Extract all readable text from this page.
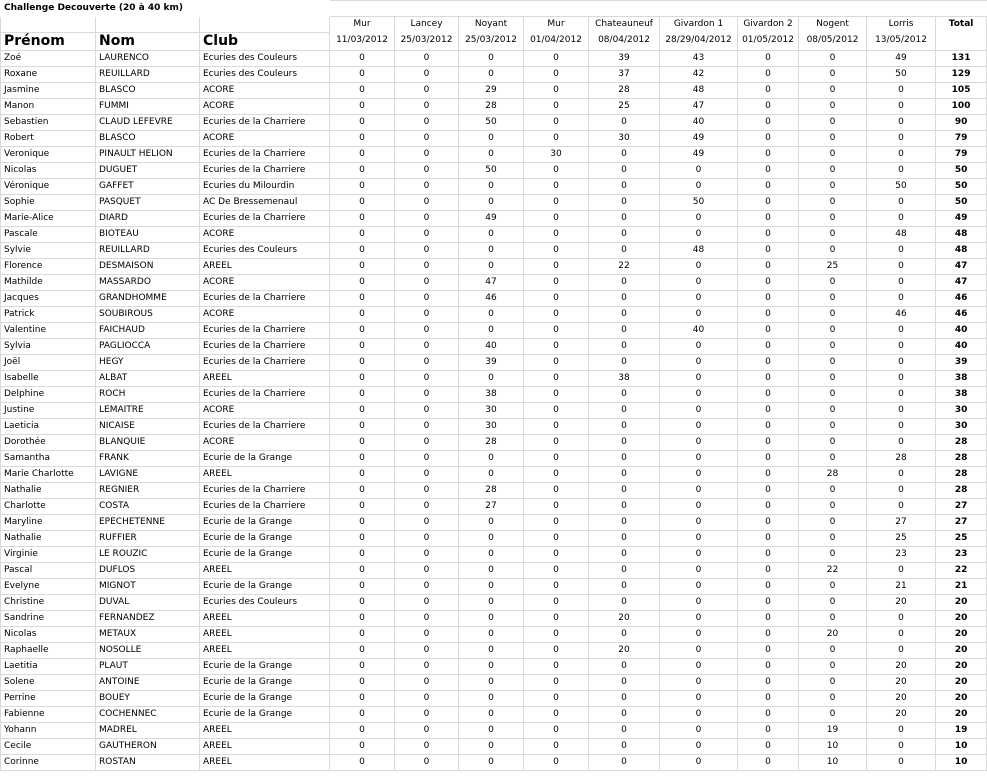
Challenge Decouverte (20 à 40 km)												
			Mur	Lancey	Noyant	Mur	Chateauneuf	Givardon 1	Givardon 2	Nogent	Lorris	Total
Prénom	Nom	Club	11/03/2012	25/03/2012	25/03/2012	01/04/2012	08/04/2012	28/29/04/2012	01/05/2012	08/05/2012	13/05/2012	
Zoé	LAURENCO	Ecuries des Couleurs	0	0	0	0	39	43	0	0	49	131
Roxane	REUILLARD	Ecuries des Couleurs	0	0	0	0	37	42	0	0	50	129
Jasmine	BLASCO	ACORE	0	0	29	0	28	48	0	0	0	105
Manon	FUMMI	ACORE	0	0	28	0	25	47	0	0	0	100
Sebastien	CLAUD LEFEVRE	Ecuries de la Charriere	0	0	50	0	0	40	0	0	0	90
Robert	BLASCO	ACORE	0	0	0	0	30	49	0	0	0	79
Veronique	PINAULT HELION	Ecuries de la Charriere	0	0	0	30	0	49	0	0	0	79
Nicolas	DUGUET	Ecuries de la Charriere	0	0	50	0	0	0	0	0	0	50
Véronique	GAFFET	Ecuries du Milourdin	0	0	0	0	0	0	0	0	50	50
Sophie	PASQUET	AC De Bressemenaul	0	0	0	0	0	50	0	0	0	50
Marie-Alice	DIARD	Ecuries de la Charriere	0	0	49	0	0	0	0	0	0	49
Pascale	BIOTEAU	ACORE	0	0	0	0	0	0	0	0	48	48
Sylvie	REUILLARD	Ecuries des Couleurs	0	0	0	0	0	48	0	0	0	48
Florence	DESMAISON	AREEL	0	0	0	0	22	0	0	25	0	47
Mathilde	MASSARDO	ACORE	0	0	47	0	0	0	0	0	0	47
Jacques	GRANDHOMME	Ecuries de la Charriere	0	0	46	0	0	0	0	0	0	46
Patrick	SOUBIROUS	ACORE	0	0	0	0	0	0	0	0	46	46
Valentine	FAICHAUD	Ecuries de la Charriere	0	0	0	0	0	40	0	0	0	40
Sylvia	PAGLIOCCA	Ecuries de la Charriere	0	0	40	0	0	0	0	0	0	40
Joël	HEGY	Ecuries de la Charriere	0	0	39	0	0	0	0	0	0	39
Isabelle	ALBAT	AREEL	0	0	0	0	38	0	0	0	0	38
Delphine	ROCH	Ecuries de la Charriere	0	0	38	0	0	0	0	0	0	38
Justine	LEMAITRE	ACORE	0	0	30	0	0	0	0	0	0	30
Laeticia	NICAISE	Ecuries de la Charriere	0	0	30	0	0	0	0	0	0	30
Dorothée	BLANQUIE	ACORE	0	0	28	0	0	0	0	0	0	28
Samantha	FRANK	Ecurie de la Grange	0	0	0	0	0	0	0	0	28	28
Marie Charlotte	LAVIGNE	AREEL	0	0	0	0	0	0	0	28	0	28
Nathalie	REGNIER	Ecuries de la Charriere	0	0	28	0	0	0	0	0	0	28
Charlotte	COSTA	Ecuries de la Charriere	0	0	27	0	0	0	0	0	0	27
Maryline	EPECHETENNE	Ecurie de la Grange	0	0	0	0	0	0	0	0	27	27
Nathalie	RUFFIER	Ecurie de la Grange	0	0	0	0	0	0	0	0	25	25
Virginie	LE ROUZIC	Ecurie de la Grange	0	0	0	0	0	0	0	0	23	23
Pascal	DUFLOS	AREEL	0	0	0	0	0	0	0	22	0	22
Evelyne	MIGNOT	Ecurie de la Grange	0	0	0	0	0	0	0	0	21	21
Christine	DUVAL	Ecuries des Couleurs	0	0	0	0	0	0	0	0	20	20
Sandrine	FERNANDEZ	AREEL	0	0	0	0	20	0	0	0	0	20
Nicolas	METAUX	AREEL	0	0	0	0	0	0	0	20	0	20
Raphaelle	NOSOLLE	AREEL	0	0	0	0	20	0	0	0	0	20
Laetitia	PLAUT	Ecurie de la Grange	0	0	0	0	0	0	0	0	20	20
Solene	ANTOINE	Ecurie de la Grange	0	0	0	0	0	0	0	0	20	20
Perrine	BOUEY	Ecurie de la Grange	0	0	0	0	0	0	0	0	20	20
Fabienne	COCHENNEC	Ecurie de la Grange	0	0	0	0	0	0	0	0	20	20
Yohann	MADREL	AREEL	0	0	0	0	0	0	0	19	0	19
Cecile	GAUTHERON	AREEL	0	0	0	0	0	0	0	10	0	10
Corinne	ROSTAN	AREEL	0	0	0	0	0	0	0	10	0	10
